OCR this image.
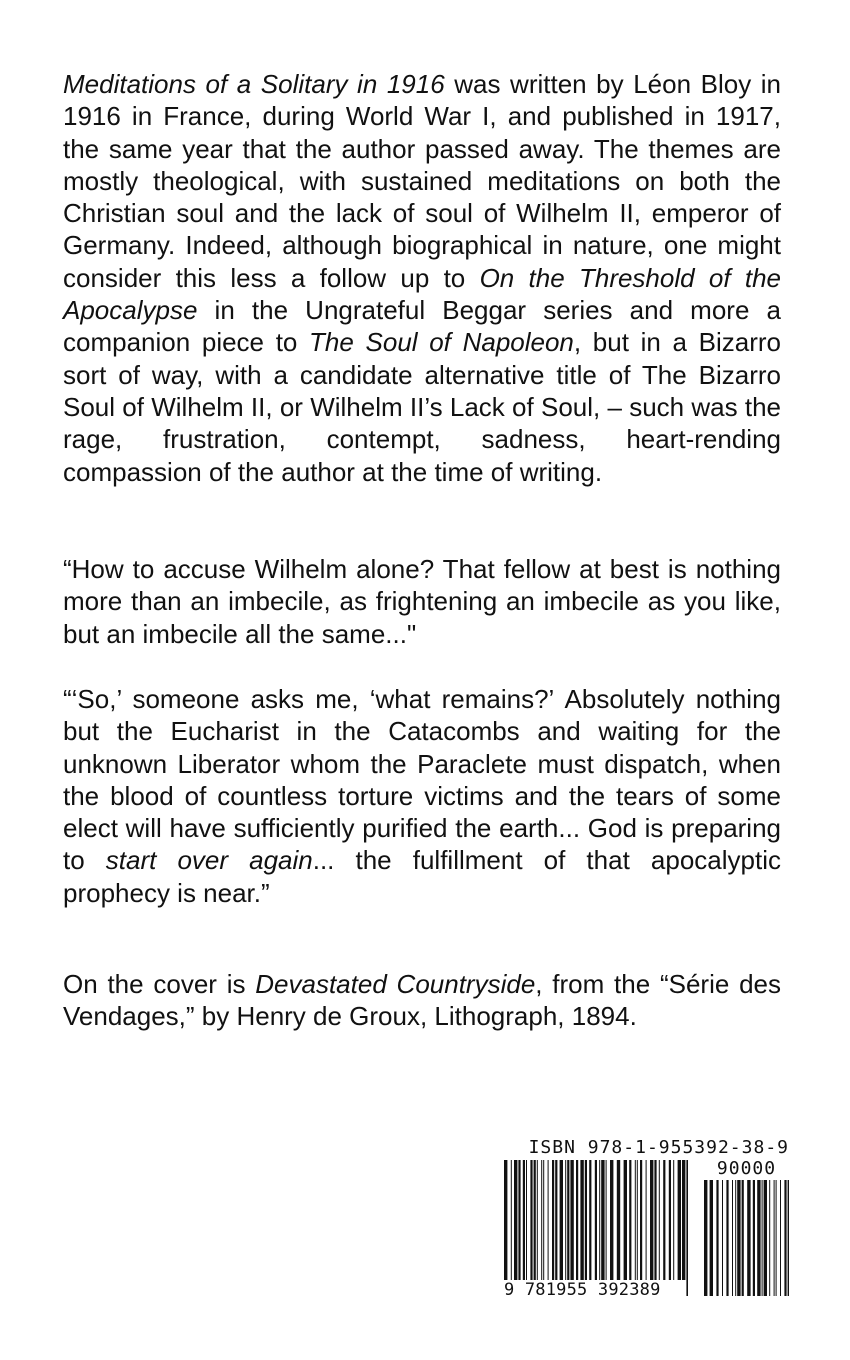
Meditations of a Solitary in 1916 was written by Léon Bloy in 1916 in France, during World War I, and published in 1917, the same year that the author passed away. The themes are mostly theological, with sustained meditations on both the Christian soul and the lack of soul of Wilhelm II, emperor of Germany. Indeed, although biographical in nature, one might consider this less a follow up to On the Threshold of the Apocalypse in the Ungrateful Beggar series and more a companion piece to The Soul of Napoleon, but in a Bizarro sort of way, with a candidate alternative title of The Bizarro Soul of Wilhelm II, or Wilhelm II’s Lack of Soul, – such was the rage, frustration, contempt, sadness, heart-rending compassion of the author at the time of writing.

“How to accuse Wilhelm alone? That fellow at best is nothing more than an imbecile, as frightening an imbecile as you like, but an imbecile all the same..."

“‘So,’ someone asks me, ‘what remains?’ Absolutely nothing but the Eucharist in the Catacombs and waiting for the unknown Liberator whom the Paraclete must dispatch, when the blood of countless torture victims and the tears of some elect will have sufficiently purified the earth... God is preparing to start over again... the fulfillment of that apocalyptic prophecy is near.”

On the cover is Devastated Countryside, from the “Série des Vendages,” by Henry de Groux, Lithograph, 1894.

ISBN 978-1-955392-38-9
90000
9 781955 392389
